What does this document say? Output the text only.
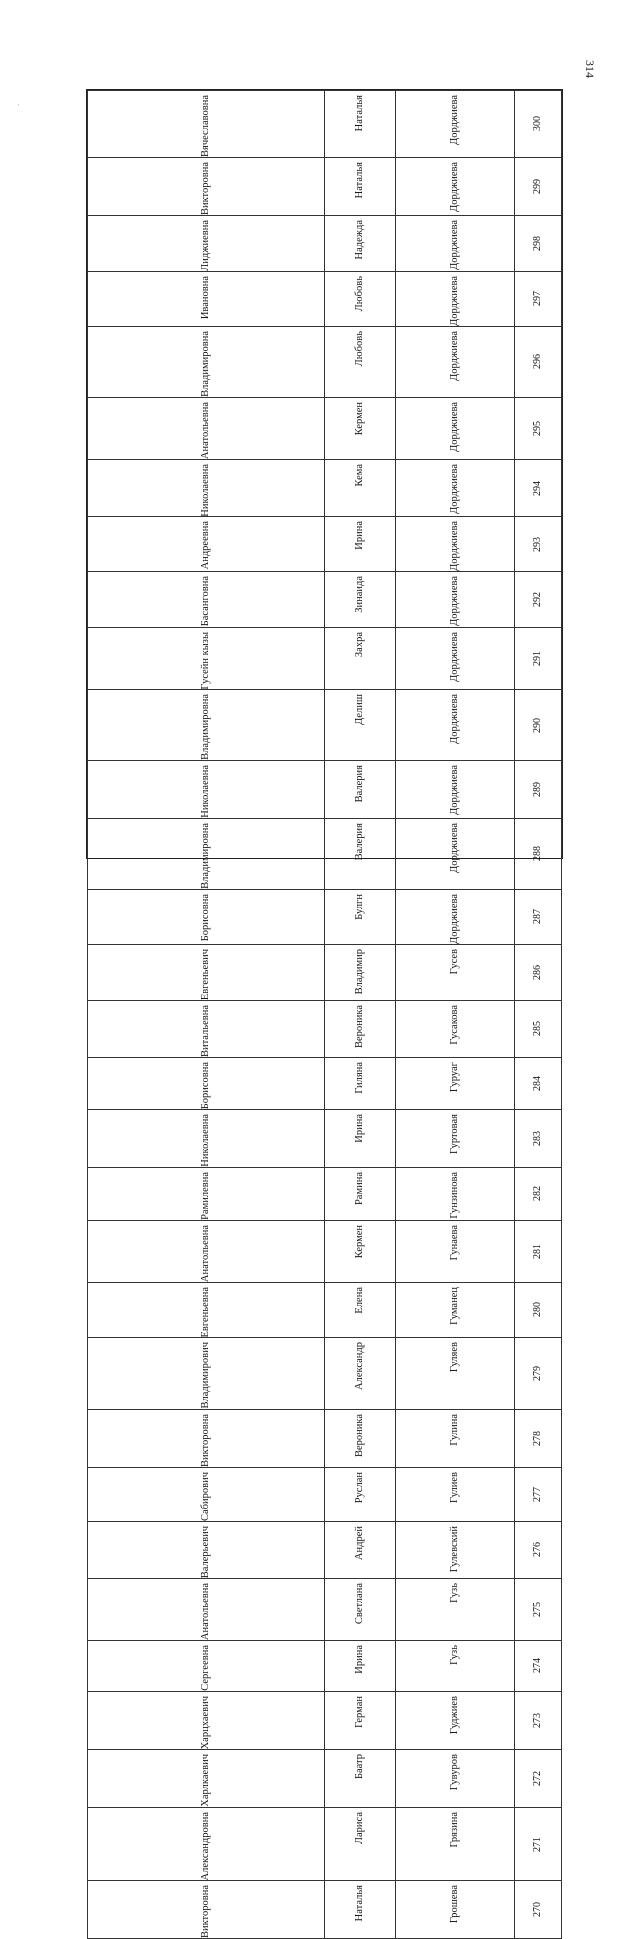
'
314
Вячеславовна	Наталья	Дорджиева	300

Викторовна	Наталья	Дорджиева	299

Лиджиевна	Надежда	Дорджиева	298

Ивановна	Любовь	Дорджиева	297

Владимировна	Любовь	Дорджиева	296

Анатольевна	Кермен	Дорджиева	295

Николаевна	Кема	Дорджиева	294

Андреевна	Ирина	Дорджиева	293

Басанговна	Зинаида	Дорджиева	292

Гусейн кызы	Захра	Дорджиева	291

Владимировна	Делиш	Дорджиева	290

Николаевна	Валерия	Дорджиева	289

Владимировна	Валерия	Дорджиева	288

Борисовна	Булгн	Дорджиева	287

Евгеньевич	Владимир	Гусев	286

Витальевна	Вероника	Гусакова	285

Борисовна	Гиляна	Гуруаг	284

Николаевна	Ирина	Гуртовая	283

Рамилевна	Рамина	Гунзинова	282

Анатольевна	Кермен	Гунаева	281

Евгеньевна	Елена	Гуманец	280

Владимирович	Александр	Гуляев	279

Викторовна	Вероника	Гулина	278

Сабирович	Руслан	Гулиев	277

Валерьевич	Андрей	Гулевский	276

Анатольевна	Светлана	Гузь	275

Сергеевна	Ирина	Гузь	274

Харцхаевич	Герман	Гуджиев	273

Харлкаевич	Баатр	Гувуров	272

Александровна	Лариса	Грязина	271

Викторовна	Наталья	Грошева	270
